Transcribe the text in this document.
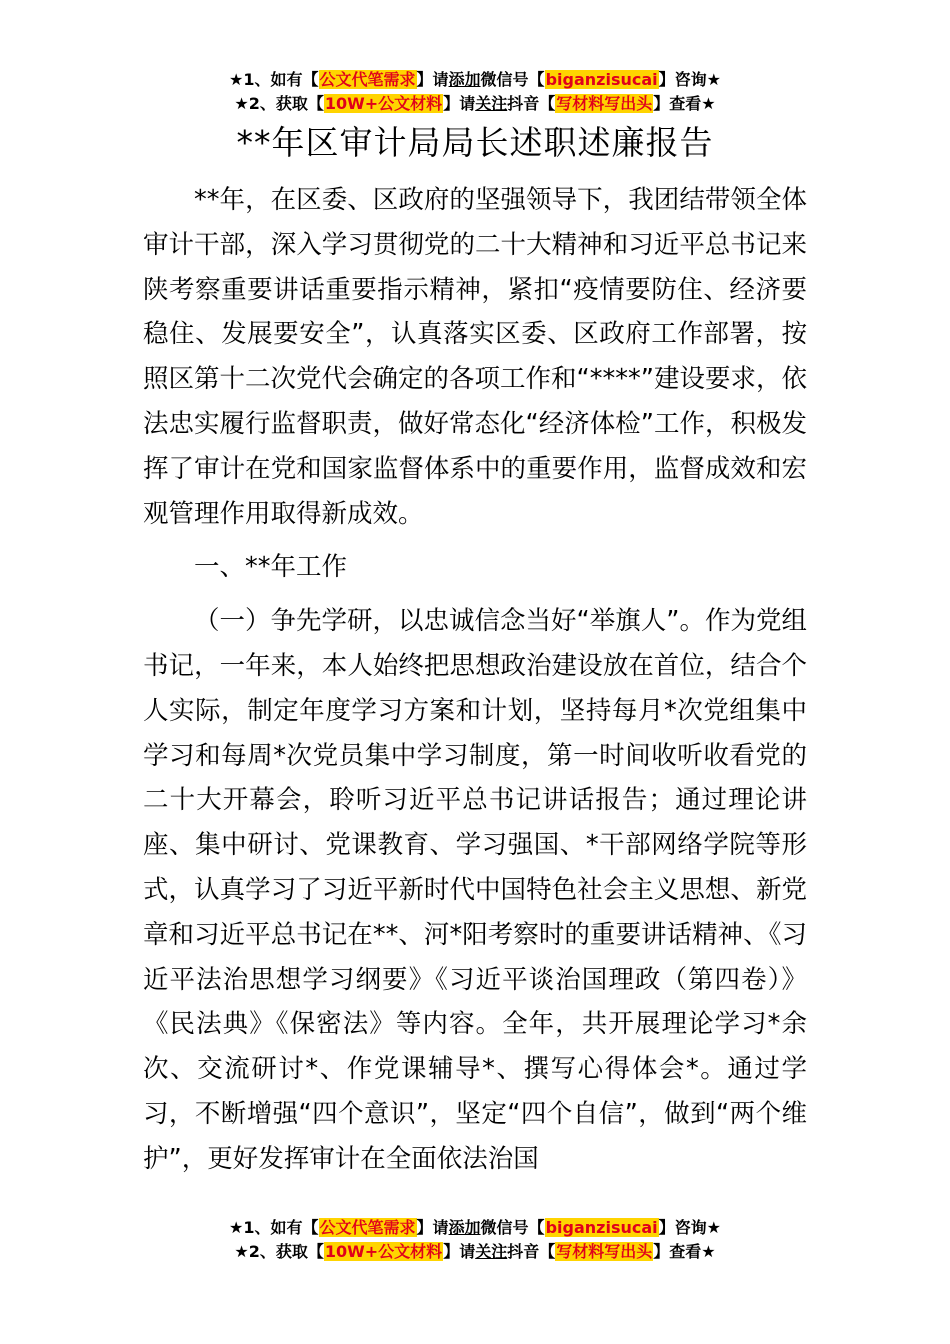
★1、如有【公文代笔需求】请添加微信号【biganzisucai】咨询★
★2、获取【10W+公文材料】请关注抖音【写材料写出头】查看★
**年区审计局局长述职述廉报告

**年，在区委、区政府的坚强领导下，我团结带领全体审计干部，深入学习贯彻党的二十大精神和习近平总书记来陕考察重要讲话重要指示精神，紧扣“疫情要防住、经济要稳住、发展要安全”，认真落实区委、区政府工作部署，按照区第十二次党代会确定的各项工作和“****”建设要求，依法忠实履行监督职责，做好常态化“经济体检”工作，积极发挥了审计在党和国家监督体系中的重要作用，监督成效和宏观管理作用取得新成效。

一、**年工作

（一）争先学研，以忠诚信念当好“举旗人”。作为党组书记，一年来，本人始终把思想政治建设放在首位，结合个人实际，制定年度学习方案和计划，坚持每月*次党组集中学习和每周*次党员集中学习制度，第一时间收听收看党的二十大开幕会，聆听习近平总书记讲话报告；通过理论讲座、集中研讨、党课教育、学习强国、*干部网络学院等形式，认真学习了习近平新时代中国特色社会主义思想、新党章和习近平总书记在**、河*阳考察时的重要讲话精神、《习近平法治思想学习纲要》《习近平谈治国理政（第四卷）》《民法典》《保密法》等内容。全年，共开展理论学习*余次、交流研讨*、作党课辅导*、撰写心得体会*。通过学习，不断增强“四个意识”，坚定“四个自信”，做到“两个维护”，更好发挥审计在全面依法治国

★1、如有【公文代笔需求】请添加微信号【biganzisucai】咨询★
★2、获取【10W+公文材料】请关注抖音【写材料写出头】查看★
